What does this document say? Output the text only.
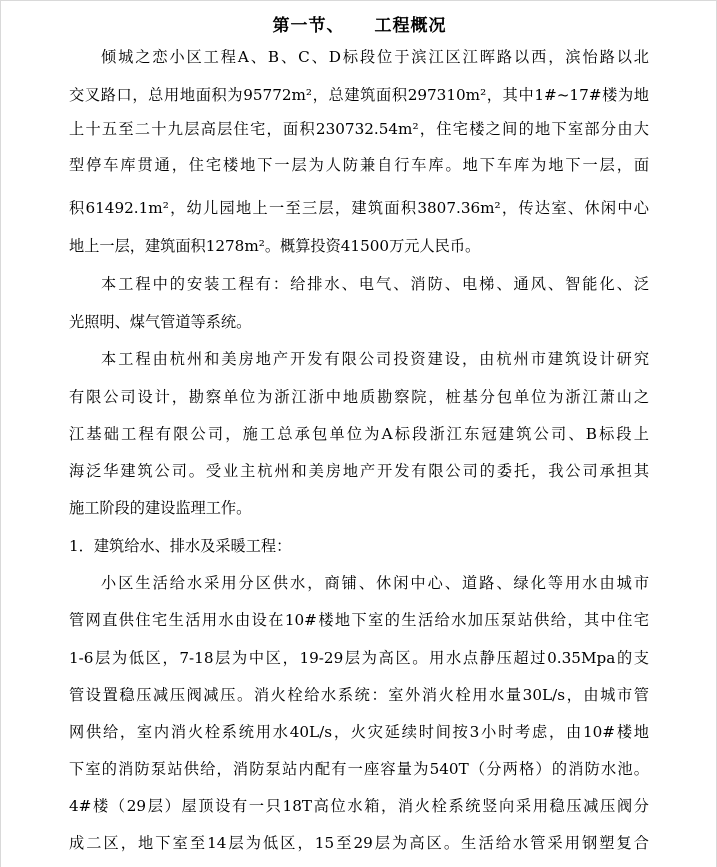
第一节、 工程概况
倾城之恋小区工程A、B、C、D标段位于滨江区江晖路以西，滨怡路以北
交叉路口，总用地面积为95772m²，总建筑面积297310m²，其中1#~17#楼为地
上十五至二十九层高层住宅，面积230732.54m²，住宅楼之间的地下室部分由大
型停车库贯通，住宅楼地下一层为人防兼自行车库。地下车库为地下一层，面
积61492.1m²，幼儿园地上一至三层，建筑面积3807.36m²，传达室、休闲中心
地上一层，建筑面积1278m²。概算投资41500万元人民币。
本工程中的安装工程有：给排水、电气、消防、电梯、通风、智能化、泛
光照明、煤气管道等系统。
本工程由杭州和美房地产开发有限公司投资建设，由杭州市建筑设计研究
有限公司设计，勘察单位为浙江浙中地质勘察院，桩基分包单位为浙江萧山之
江基础工程有限公司，施工总承包单位为A标段浙江东冠建筑公司、B标段上
海泛华建筑公司。受业主杭州和美房地产开发有限公司的委托，我公司承担其
施工阶段的建设监理工作。
1．建筑给水、排水及采暖工程：
小区生活给水采用分区供水，商铺、休闲中心、道路、绿化等用水由城市
管网直供住宅生活用水由设在10#楼地下室的生活给水加压泵站供给，其中住宅
1-6层为低区，7-18层为中区，19-29层为高区。用水点静压超过0.35Mpa的支
管设置稳压减压阀减压。消火栓给水系统：室外消火栓用水量30L/s，由城市管
网供给，室内消火栓系统用水40L/s，火灾延续时间按3小时考虑，由10#楼地
下室的消防泵站供给，消防泵站内配有一座容量为540T（分两格）的消防水池。
4#楼（29层）屋顶设有一只18T高位水箱，消火栓系统竖向采用稳压减压阀分
成二区，地下室至14层为低区，15至29层为高区。生活给水管采用钢塑复合
